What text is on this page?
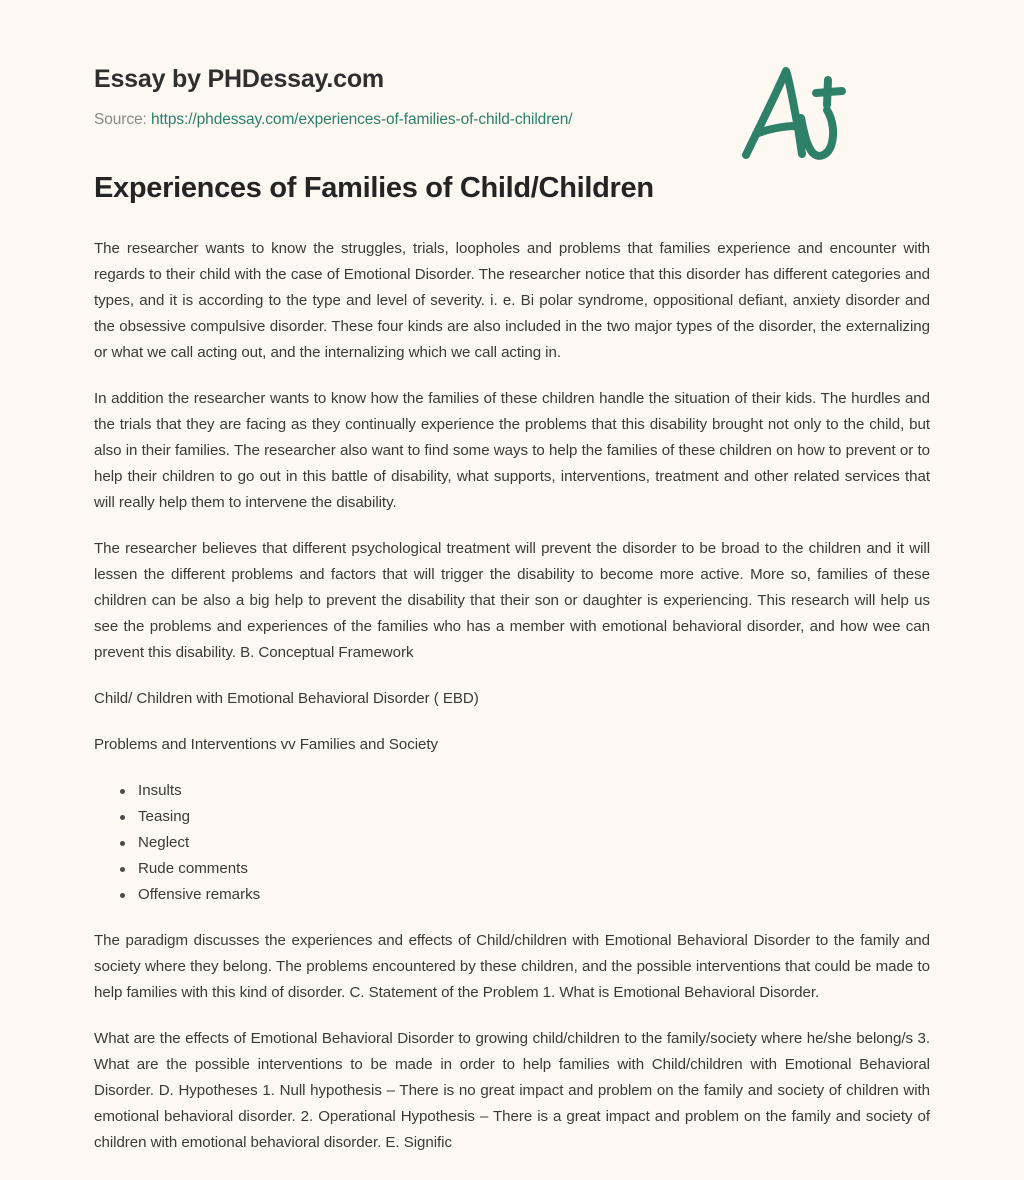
Essay by PHDessay.com
Source: https://phdessay.com/experiences-of-families-of-child-children/
Experiences of Families of Child/Children

The researcher wants to know the struggles, trials, loopholes and problems that families experience and encounter with regards to their child with the case of Emotional Disorder. The researcher notice that this disorder has different categories and types, and it is according to the type and level of severity. i. e. Bi polar syndrome, oppositional defiant, anxiety disorder and the obsessive compulsive disorder. These four kinds are also included in the two major types of the disorder, the externalizing or what we call acting out, and the internalizing which we call acting in.

In addition the researcher wants to know how the families of these children handle the situation of their kids. The hurdles and the trials that they are facing as they continually experience the problems that this disability brought not only to the child, but also in their families. The researcher also want to find some ways to help the families of these children on how to prevent or to help their children to go out in this battle of disability, what supports, interventions, treatment and other related services that will really help them to intervene the disability.

The researcher believes that different psychological treatment will prevent the disorder to be broad to the children and it will lessen the different problems and factors that will trigger the disability to become more active. More so, families of these children can be also a big help to prevent the disability that their son or daughter is experiencing. This research will help us see the problems and experiences of the families who has a member with emotional behavioral disorder, and how wee can prevent this disability. B. Conceptual Framework

Child/ Children with Emotional Behavioral Disorder ( EBD)

Problems and Interventions vv Families and Society

Insults
Teasing
Neglect
Rude comments
Offensive remarks

The paradigm discusses the experiences and effects of Child/children with Emotional Behavioral Disorder to the family and society where they belong. The problems encountered by these children, and the possible interventions that could be made to help families with this kind of disorder. C. Statement of the Problem 1. What is Emotional Behavioral Disorder.

What are the effects of Emotional Behavioral Disorder to growing child/children to the family/society where he/she belong/s 3. What are the possible interventions to be made in order to help families with Child/children with Emotional Behavioral Disorder. D. Hypotheses 1. Null hypothesis – There is no great impact and problem on the family and society of children with emotional behavioral disorder. 2. Operational Hypothesis – There is a great impact and problem on the family and society of children with emotional behavioral disorder. E. Signific
